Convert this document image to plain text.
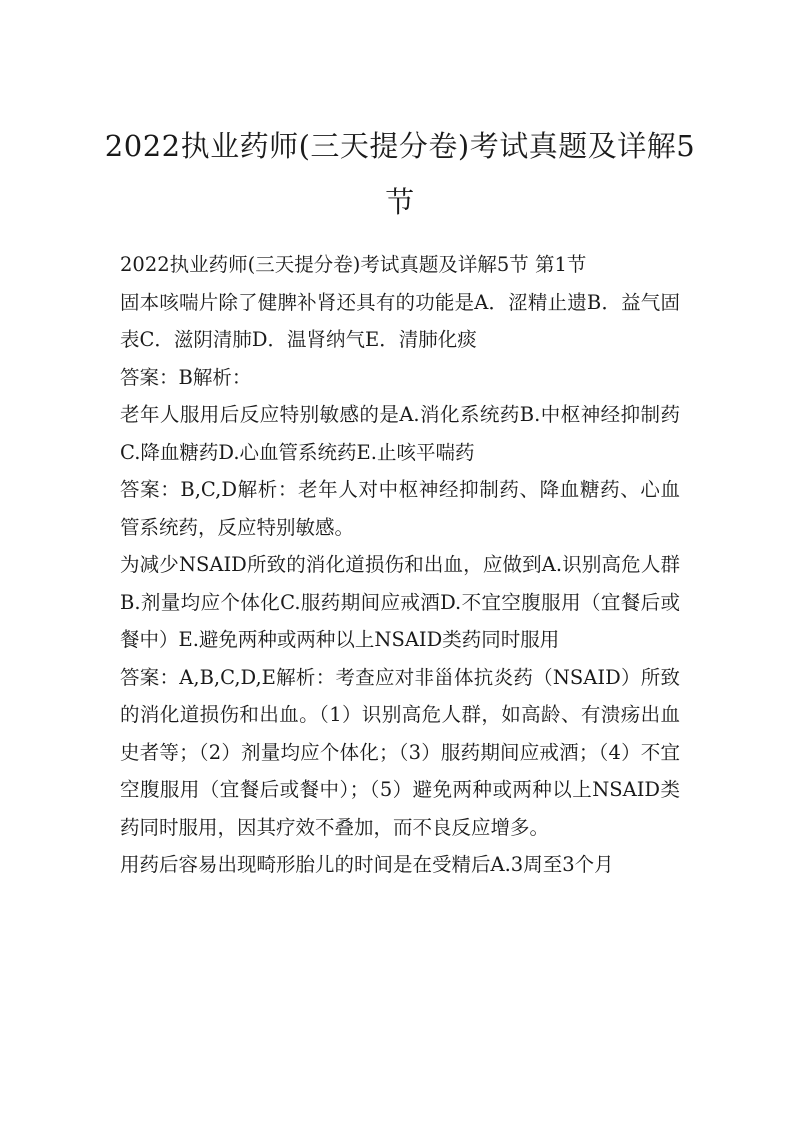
2022执业药师(三天提分卷)考试真题及详解5节

2022执业药师(三天提分卷)考试真题及详解5节 第1节

固本咳喘片除了健脾补肾还具有的功能是A．涩精止遗B．益气固表C．滋阴清肺D．温肾纳气E．清肺化痰

答案：B解析：

老年人服用后反应特别敏感的是A.消化系统药B.中枢神经抑制药C.降血糖药D.心血管系统药E.止咳平喘药

答案：B,C,D解析：老年人对中枢神经抑制药、降血糖药、心血管系统药，反应特别敏感。

为减少NSAID所致的消化道损伤和出血，应做到A.识别高危人群B.剂量均应个体化C.服药期间应戒酒D.不宜空腹服用（宜餐后或餐中）E.避免两种或两种以上NSAID类药同时服用

答案：A,B,C,D,E解析：考查应对非甾体抗炎药（NSAID）所致的消化道损伤和出血。（1）识别高危人群，如高龄、有溃疡出血史者等；（2）剂量均应个体化；（3）服药期间应戒酒；（4）不宜空腹服用（宜餐后或餐中）；（5）避免两种或两种以上NSAID类药同时服用，因其疗效不叠加，而不良反应增多。

用药后容易出现畸形胎儿的时间是在受精后A.3周至3个月
